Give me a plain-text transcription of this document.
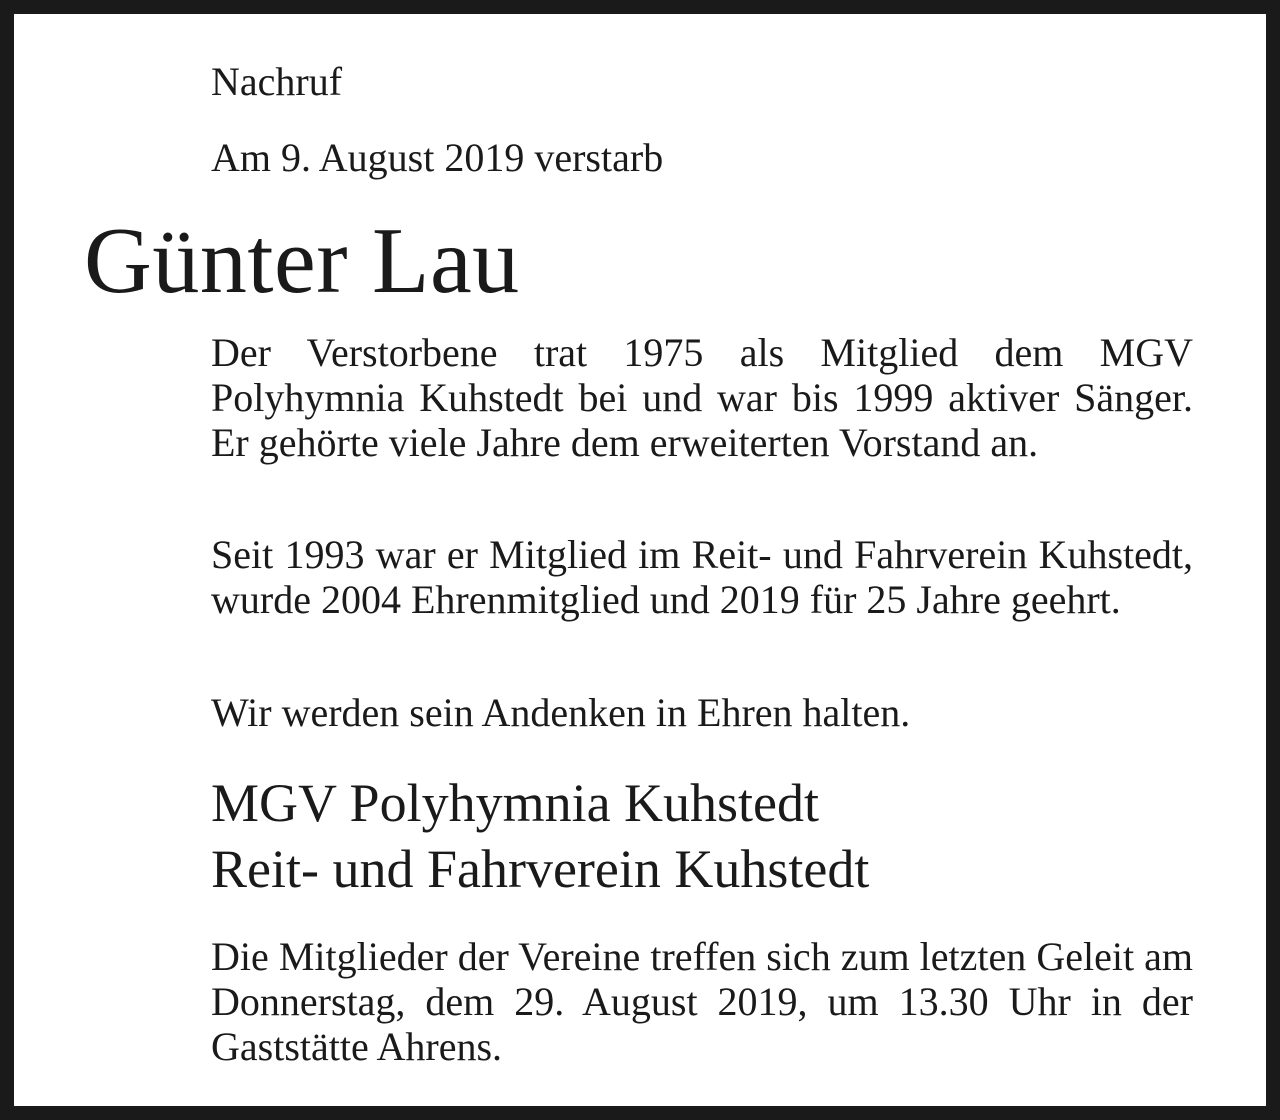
Nachruf
Am 9. August 2019 verstarb
Günter Lau
Der Verstorbene trat 1975 als Mitglied dem MGV Polyhymnia Kuhstedt bei und war bis 1999 aktiver Sänger. Er gehörte viele Jahre dem erweiterten Vorstand an.
Seit 1993 war er Mitglied im Reit- und Fahrverein Kuhstedt, wurde 2004 Ehrenmitglied und 2019 für 25 Jahre geehrt.
Wir werden sein Andenken in Ehren halten.
MGV Polyhymnia Kuhstedt
Reit- und Fahrverein Kuhstedt
Die Mitglieder der Vereine treffen sich zum letzten Geleit am Donnerstag, dem 29. August 2019, um 13.30 Uhr in der Gaststätte Ahrens.
